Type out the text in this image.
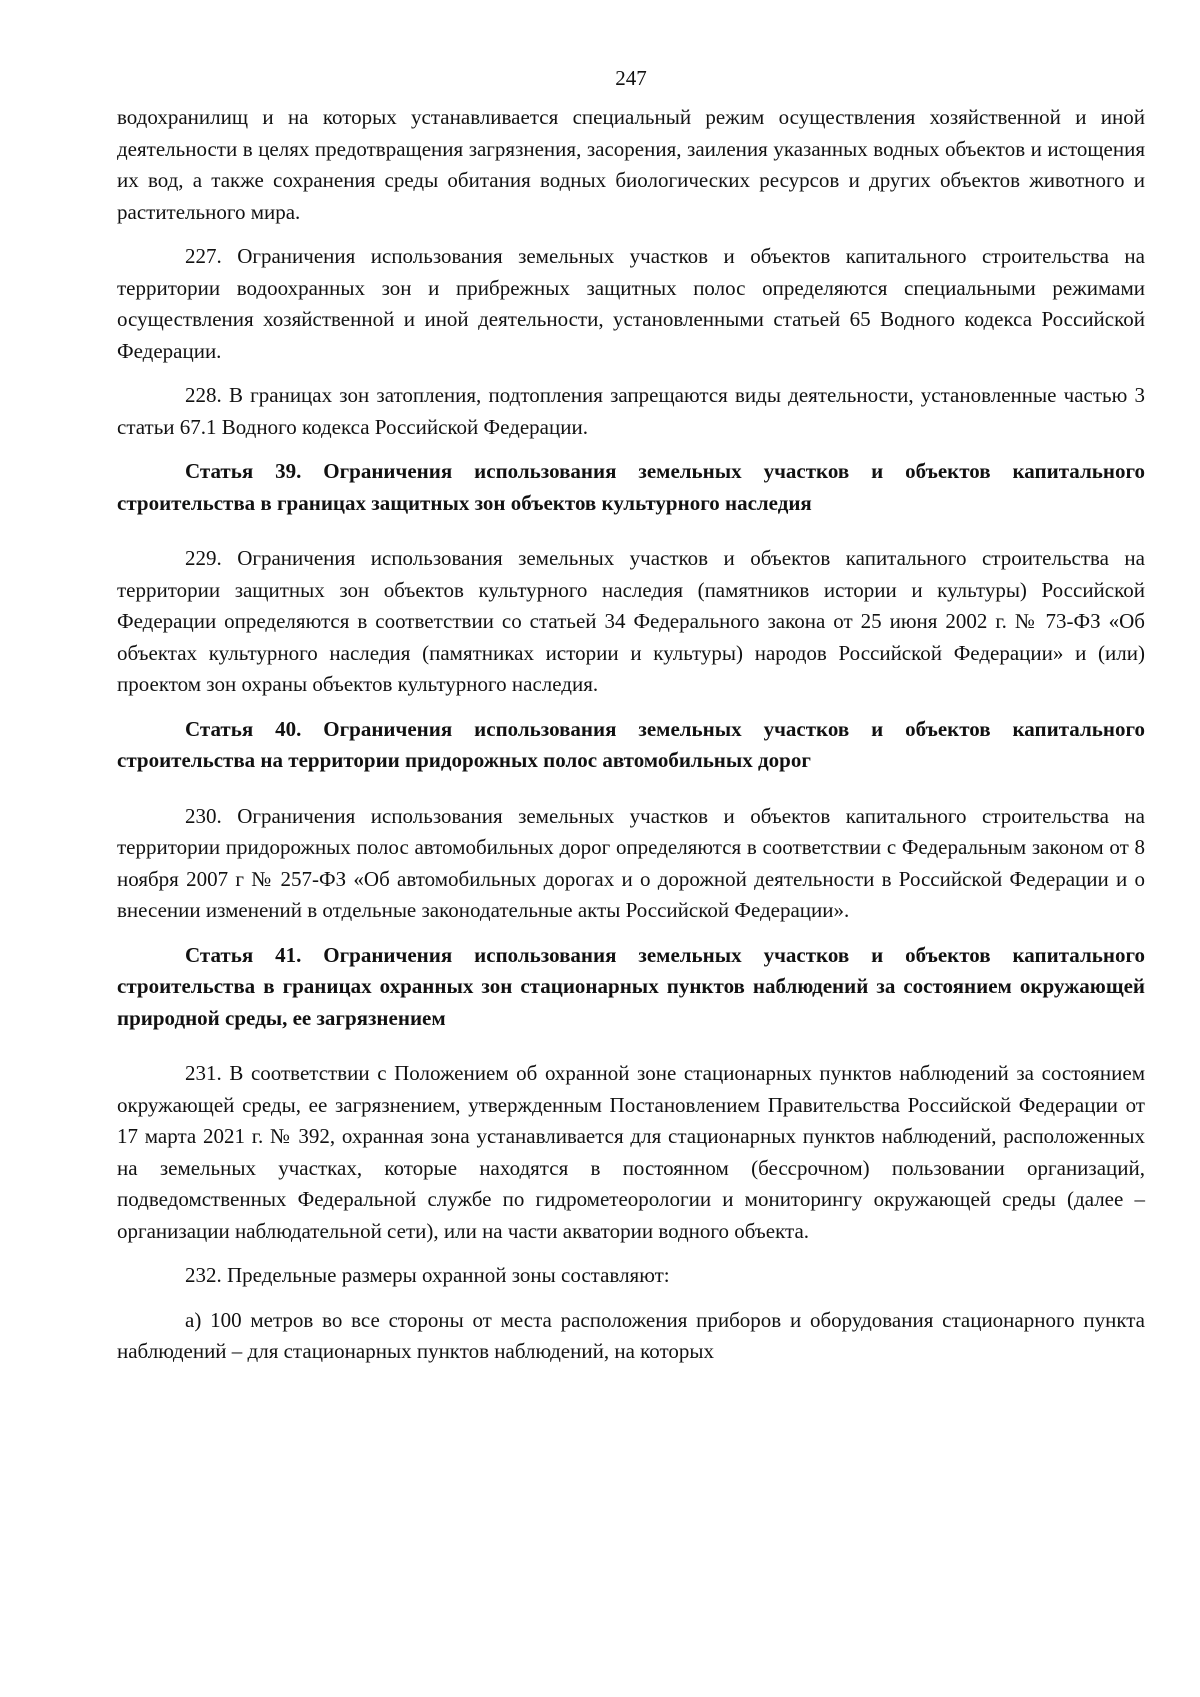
247

водохранилищ и на которых устанавливается специальный режим осуществления хозяйственной и иной деятельности в целях предотвращения загрязнения, засорения, заиления указанных водных объектов и истощения их вод, а также сохранения среды обитания водных биологических ресурсов и других объектов животного и растительного мира.

227. Ограничения использования земельных участков и объектов капитального строительства на территории водоохранных зон и прибрежных защитных полос определяются специальными режимами осуществления хозяйственной и иной деятельности, установленными статьей 65 Водного кодекса Российской Федерации.

228. В границах зон затопления, подтопления запрещаются виды деятельности, установленные частью 3 статьи 67.1 Водного кодекса Российской Федерации.

Статья 39. Ограничения использования земельных участков и объектов капитального строительства в границах защитных зон объектов культурного наследия

229. Ограничения использования земельных участков и объектов капитального строительства на территории защитных зон объектов культурного наследия (памятников истории и культуры) Российской Федерации определяются в соответствии со статьей 34 Федерального закона от 25 июня 2002 г. № 73-ФЗ «Об объектах культурного наследия (памятниках истории и культуры) народов Российской Федерации» и (или) проектом зон охраны объектов культурного наследия.

Статья 40. Ограничения использования земельных участков и объектов капитального строительства на территории придорожных полос автомобильных дорог

230. Ограничения использования земельных участков и объектов капитального строительства на территории придорожных полос автомобильных дорог определяются в соответствии с Федеральным законом от 8 ноября 2007 г № 257-ФЗ «Об автомобильных дорогах и о дорожной деятельности в Российской Федерации и о внесении изменений в отдельные законодательные акты Российской Федерации».

Статья 41. Ограничения использования земельных участков и объектов капитального строительства в границах охранных зон стационарных пунктов наблюдений за состоянием окружающей природной среды, ее загрязнением

231. В соответствии с Положением об охранной зоне стационарных пунктов наблюдений за состоянием окружающей среды, ее загрязнением, утвержденным Постановлением Правительства Российской Федерации от 17 марта 2021 г. № 392, охранная зона устанавливается для стационарных пунктов наблюдений, расположенных на земельных участках, которые находятся в постоянном (бессрочном) пользовании организаций, подведомственных Федеральной службе по гидрометеорологии и мониторингу окружающей среды (далее – организации наблюдательной сети), или на части акватории водного объекта.

232. Предельные размеры охранной зоны составляют:

а) 100 метров во все стороны от места расположения приборов и оборудования стационарного пункта наблюдений – для стационарных пунктов наблюдений, на которых
